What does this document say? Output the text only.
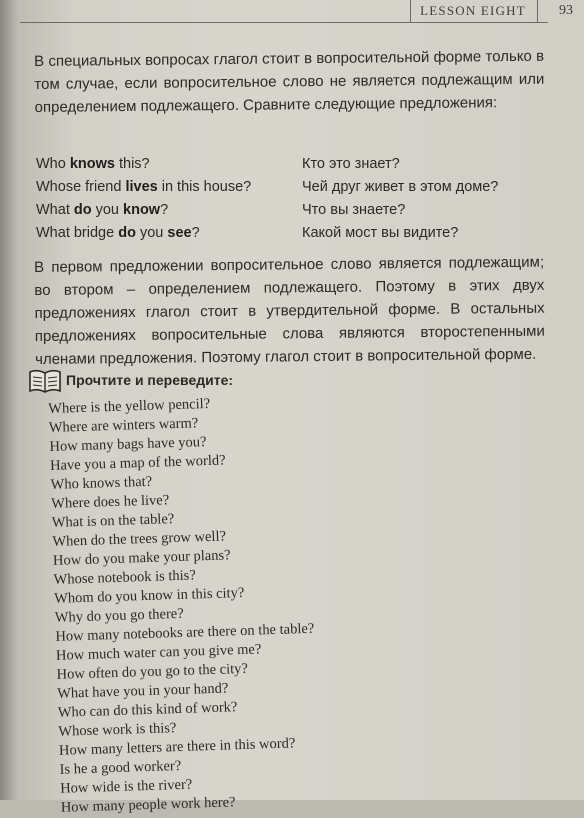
LESSON EIGHT	93
В специальных вопросах глагол стоит в вопросительной форме только в том случае, если вопросительное слово не является подлежащим или определением подлежащего. Сравните следующие предложения:
Who knows this?
Whose friend lives in this house?
What do you know?
What bridge do you see?
Кто это знает?
Чей друг живет в этом доме?
Что вы знаете?
Какой мост вы видите?
В первом предложении вопросительное слово является подлежащим; во втором – определением подлежащего. Поэтому в этих двух предложениях глагол стоит в утвердительной форме. В остальных предложениях вопросительные слова являются второстепенными членами предложения. Поэтому глагол стоит в вопросительной форме.
Прочтите и переведите:
Where is the yellow pencil?
Where are winters warm?
How many bags have you?
Have you a map of the world?
Who knows that?
Where does he live?
What is on the table?
When do the trees grow well?
How do you make your plans?
Whose notebook is this?
Whom do you know in this city?
Why do you go there?
How many notebooks are there on the table?
How much water can you give me?
How often do you go to the city?
What have you in your hand?
Who can do this kind of work?
Whose work is this?
How many letters are there in this word?
Is he a good worker?
How wide is the river?
How many people work here?
